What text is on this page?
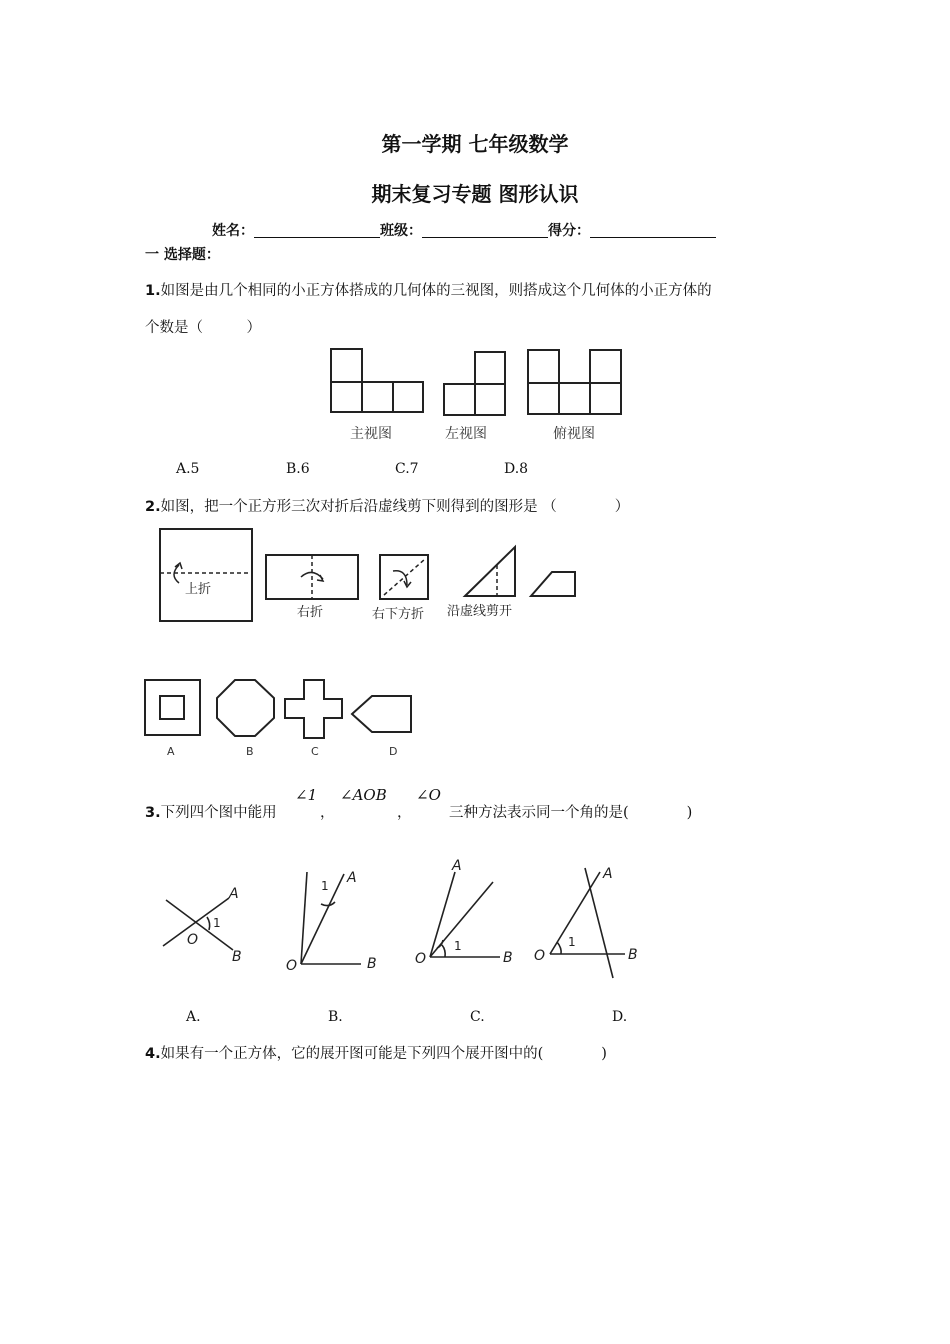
第一学期 七年级数学
期末复习专题 图形认识
姓名：	班级：	得分：
一 选择题：
1.如图是由几个相同的小正方体搭成的几何体的三视图，则搭成这个几何体的小正方体的
个数是（　　　）
主视图	左视图	俯视图
A.5	B.6	C.7	D.8
2.如图，把一个正方形三次对折后沿虚线剪下则得到的图形是 （　　　　）
上折
右折	右下方折 沿虚线剪开
A	B	C	D
3.下列四个图中能用
∠1
，
∠AOB
，
∠O
三种方法表示同一个角的是(　　　　)
A
B
O
1
A
B
O
1
A
B
O
1
A
B
O
1
A.	B.	C.	D.
4.如果有一个正方体，它的展开图可能是下列四个展开图中的(　　　　)
